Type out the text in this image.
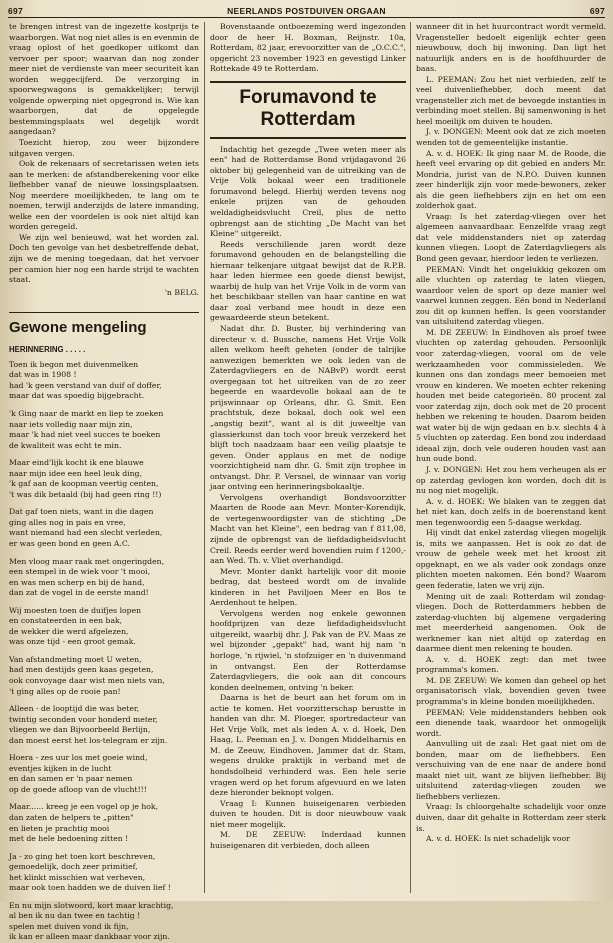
697	NEERLANDS POSTDUIVEN ORGAAN	697

te brengen intrest van de ingezette kostprijs te waarborgen. Wat nog niet alles is en evenmin de vraag oplost of het goedkoper uitkomt dan vervoer per spoor; waarvan dan nog zonder meer niet de verdienste van meer securiteit kan worden weggecijferd. De verzorging in spoorwegwagons is gemakkelijker; terwijl volgende opwerping niet opgegrond is. Wie kan waarborgen, dat de opgelegde bestemmingsplaats wel degelijk wordt aangedaan?

Toezicht hierop, zou weer bijzondere uitgaven vergen.

Ook de rekenaars of secretarissen weten iets aan te merken: de afstandberekening voor elke liefhebber vanaf de nieuwe lossingsplaatsen. Nog meerdere moeilijkheden, te lang om te noemen, terwijl anderzijds de latere inmanding, welke een der voordelen is ook niet altijd kan worden geregeld.

We zijn wel benieuwd, wat het worden zal. Doch ten gevolge van het desbetreffende debat, zijn we de mening toegedaan, dat het vervoer per camion hier nog een harde strijd te wachten staat.

'n BELG.

Gewone mengeling
HERINNERING . . . . .

Toen ik begon met duivenmelken
dat was in 1908 !
had 'k geen verstand van duif of doffer,
maar dat was spoedig bijgebracht.

'k Ging naar de markt en liep te zoeken
naar iets volledig naar mijn zin,
maar 'k had niet veel succes te boeken
de kwaliteit was echt te min.

Maar eind'lijk kocht ik ene blauwe
naar mijn idee een heel leuk ding,
'k gaf aan de koopman veertig centen,
't was dik betaald (bij had geen ring !!)

Dat gaf toen niets, want in die dagen
ging alles nog in pais en vree,
want niemand had een slecht verleden,
er was geen bond en geen A.C.

Men vloog maar raak met ongeringden,
een stempel in de wiek voor 't mooi,
en was men scherp en bij de hand,
dan zat de vogel in de eerste mand!

Wij moesten toen de duifjes lopen
en constateerden in een bak,
de wekker die werd afgelezen,
was onze tijd - een groot gemak.

Van afstandmeting moet U weten,
had men destijds geen kaas gegeten,
ook convoyage daar wist men niets van,
't ging alles op de rooie pan!

Alleen - de looptijd die was beter,
twintig seconden voor honderd meter,
vliegen we dan Bijvoorbeeld Berlijn,
dan moest eerst het los-telegram er zijn.

Hoera - zes uur los met goeie wind,
eventjes kijken in de lucht
en dan samen er 'n paar nemen
op de goede afloop van de vlucht!!!

Maar...... kreeg je een vogel op je hok,
dan zaten de helpers te „pitten"
en lieten je prachtig mooi
met de hele bedoening zitten !

Ja - zo ging het toen kort beschreven,
gemoedelijk, doch zeer primitief,
het klinkt misschien wat verheven,
maar ook toen hadden we de duiven lief !

En nu mijn slotwoord, kort maar krachtig,
al ben ik nu dan twee en tachtig !
spelen met duiven vond ik fijn,
ik kan er alleen maar dankbaar voor zijn.

Bovenstaande ontboezeming werd ingezonden door de heer H. Boxman, Reijnstr. 10a, Rotterdam, 82 jaar, erevoorzitter van de „O.C.C.", opgericht 23 november 1923 en gevestigd Linker Rottekade 49 te Rotterdam.

Forumavond te Rotterdam

Indachtig het gezegde „Twee weten meer als een" had de Rotterdamse Bond vrijdagavond 26 oktober bij gelegenheid van de uitreiking van de Vrije Volk bokaal weer een traditionele forumavond belegd. Hierbij werden tevens nog enkele prijzen van de gehouden weldadigheidsvlucht Creil, plus de netto opbrengst aan de stichting „De Macht van het Kleine" uitgereikt.

Reeds verschillende jaren wordt deze forumavond gehouden en de belangstelling die hiernaar telkenjare uitgaat bewijst dat de R.P.B. haar leden hiermee een goede dienst bewijst, waarbij de hulp van het Vrije Volk in de vorm van het beschikbaar stellen van haar cantine en wat daar zoal verband mee houdt in deze een gewaardeerde steun betekent.

Nadat dhr. D. Buster, bij verhindering van directeur v. d. Bussche, namens Het Vrije Volk allen welkom heeft geheten (onder de talrijke aanwezigen bemerkten we ook leden van de Zaterdagvliegers en de NABvP) wordt eerst overgegaan tot het uitreiken van de zo zeer begeerde en waardevolle bokaal aan de te prijswinnaar op Orleans, dhr. G. Smit. Een prachtstuk, deze bokaal, doch ook wel een „angstig bezit", want al is dit juweeltje van glassierkunst dan toch voor breuk verzekerd het blijft toch naadzaam haar een veilig plaatsje te geven. Onder applaus en met de nodige voorzichtigheid nam dhr. G. Smit zijn trophee in ontvangst. Dhr. P. Versnel, de winnaar van vorig jaar ontving een herinneringsbokaaltje.

Vervolgens overhandigt Bondsvoorzitter Maarten de Roode aan Mevr. Monter-Korendijk, de vertegenwoordigster van de stichting „De Macht van het Kleine", een bedrag van f 811,08, zijnde de opbrengst van de liefdadigheidsvlucht Creil. Reeds eerder werd bovendien ruim f 1200,- aan Wed. Th. v. Vliet overhandigd.

Mevr. Monter dankt hartelijk voor dit mooie bedrag, dat besteed wordt om de invalide kinderen in het Paviljoen Meer en Bos te Aerdenhout te helpen.

Vervolgens werden nog enkele gewonnen hoofdprijzen van deze liefdadigheidsvlucht uitgereikt, waarbij dhr. J. Pak van de P.V. Maas ze wel bijzonder „gepakt" had, want hij nam 'n horloge, 'n rijwiel, 'n stofzuiger en 'n duivenmand in ontvangst. Een der Rotterdamse Zaterdagvliegers, die ook aan dit concours konden deelnemen, ontving 'n beker.

Daarna is het de beurt aan het forum om in actie te komen. Het voorzitterschap berustte in handen van dhr. M. Ploeger, sportredacteur van Het Vrije Volk, met als leden A. v. d. Hoek, Den Haag, L. Peeman en J. v. Dongen Middelharnis en M. de Zeeuw, Eindhoven. Jammer dat dr. Stam, wegens drukke praktijk in verband met de hondsdolheid verhinderd was. Een hele serie vragen werd op het forum afgevuurd en we laten deze hieronder beknopt volgen.

Vraag I: Kunnen huiseigenaren verbieden duiven te houden. Dit is door nieuwbouw vaak niet meer mogelijk.

M. DE ZEEUW: Inderdaad kunnen huiseigenaren dit verbieden, doch alleen

wanneer dit in het huurcontract wordt vermeld. Vragensteller bedoelt eigenlijk echter geen nieuwbouw, doch bij inwoning. Dan ligt het natuurlijk anders en is de hoofdhuurder de baas.

L. PEEMAN: Zou het niet verbieden, zelf te veel duivenliefhebber, doch meent dat vragensteller zich met de bevoegde instanties in verbinding moet stellen. Bij samenwoning is het heel moeilijk om duiven te houden.

J. v. DONGEN: Meent ook dat ze zich moeten wenden tot de gemeentelijke instantie.

A. v. d. HOEK: Ik ging naar M. de Roode, die heeft veel ervaring op dit gebied en anders Mr. Mondria, jurist van de N.P.O. Duiven kunnen zeer hinderlijk zijn voor mede-bewoners, zeker als die geen liefhebbers zijn en het om een zolderhok gaat.

Vraag: Is het zaterdag-vliegen over het algemeen aanvaardbaar. Eenzelfde vraag zegt dat vele middenstanders niet op zaterdag kunnen vliegen. Loopt de Zaterdagvliegers als Bond geen gevaar, hierdoor leden te verliezen.

PEEMAN: Vindt het ongelukkig gekozen om alle vluchten op zaterdag te laten vliegen, waardoor velen de sport op deze manier wel vaarwel kunnen zeggen. Eén bond in Nederland zou dit op kunnen heffen. Is geen voorstander van uitsluitend zaterdag vliegen.

M. DE ZEEUW: In Eindhoven als proef twee vluchten op zaterdag gehouden. Persoonlijk voor zaterdag-vliegen, vooral om de vele werkzaamheden voor commissieleden. We kunnen ons dan zondags meer bemoeien met vrouw en kinderen. We moeten echter rekening houden met beide categorieën. 80 procent zal voor zaterdag zijn, doch ook met de 20 procent hebben we rekening te houden. Daarom beiden wat water bij de wijn gedaan en b.v. slechts 4 à 5 vluchten op zaterdag. Een bond zou inderdaad ideaal zijn, doch vele ouderen houden vast aan hun oude bond.

J. v. DONGEN: Het zou hem verheugen als er op zaterdag gevlogen kon worden, doch dit is nu nog niet mogelijk.

A. v. d. HOEK: We blaken van te zeggen dat het niet kan, doch zelfs in de boerenstand kent men tegenwoordig een 5-daagse werkdag.

Hij vindt dat enkel zaterdag vliegen mogelijk is, mits we aanpassen. Het is ook zo dat de vrouw de gehele week met het kroost zit opgeknapt, en we als vader ook zondags onze plichten moeten nakomen. Eén bond? Waarom geen federatie, laten we vrij zijn.

Mening uit de zaal: Rotterdam wil zondag-vliegen. Doch de Rotterdammers hebben de zaterdag-vluchten bij algemene vergadering met meerderheid aangenomen. Ook de werknemer kan niet altijd op zaterdag en daarmee dient men rekening te houden.

A. v. d. HOEK zegt: dan met twee programma's komen.

M. DE ZEEUW: We komen dan geheel op het organisatorisch vlak, bovendien geven twee programma's in kleine bonden moeilijkheden.

PEEMAN: Vele middenstanders hebben ook een dienende taak, waardoor het onmogelijk wordt.

Aanvulling uit de zaal: Het gaat niet om de bonden, maar om de liefhebbers. Een verschuiving van de ene naar de andere bond maakt niet uit, want ze blijven liefhebber. Bij uitsluitend zaterdag-vliegen zouden we liefhebbers verliezen.

Vraag: Is chloorgehalte schadelijk voor onze duiven, daar dit gehalte in Rotterdam zeer sterk is.

A. v. d. HOEK: Is niet schadelijk voor
